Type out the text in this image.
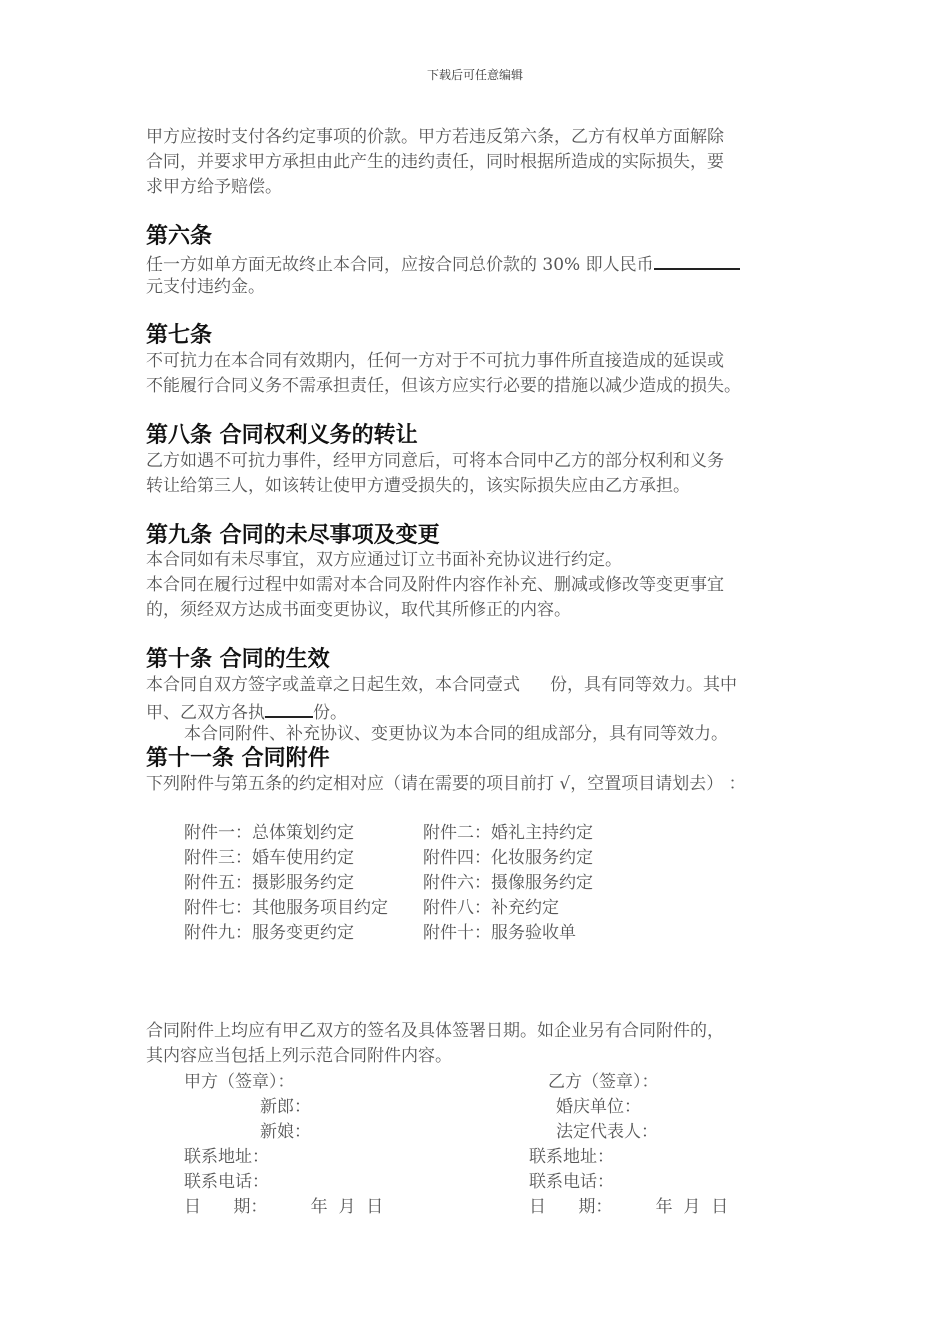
下载后可任意编辑
甲方应按时支付各约定事项的价款。甲方若违反第六条，乙方有权单方面解除
合同，并要求甲方承担由此产生的违约责任，同时根据所造成的实际损失，要
求甲方给予赔偿。
第六条
任一方如单方面无故终止本合同，应按合同总价款的 30% 即人民币
元支付违约金。
第七条
不可抗力在本合同有效期内，任何一方对于不可抗力事件所直接造成的延误或
不能履行合同义务不需承担责任，但该方应实行必要的措施以减少造成的损失。
第八条 合同权利义务的转让
乙方如遇不可抗力事件，经甲方同意后，可将本合同中乙方的部分权利和义务
转让给第三人，如该转让使甲方遭受损失的，该实际损失应由乙方承担。
第九条 合同的未尽事项及变更
本合同如有未尽事宜，双方应通过订立书面补充协议进行约定。
本合同在履行过程中如需对本合同及附件内容作补充、删减或修改等变更事宜
的，须经双方达成书面变更协议，取代其所修正的内容。
第十条 合同的生效
本合同自双方签字或盖章之日起生效，本合同壹式 份，具有同等效力。其中
甲、乙双方各执	份。
本合同附件、补充协议、变更协议为本合同的组成部分，具有同等效力。
第十一条 合同附件
下列附件与第五条的约定相对应（请在需要的项目前打 √，空置项目请划去） ：
附件一：总体策划约定	附件二：婚礼主持约定
附件三：婚车使用约定	附件四：化妆服务约定
附件五：摄影服务约定	附件六：摄像服务约定
附件七：其他服务项目约定 附件八：补充约定
附件九：服务变更约定	附件十：服务验收单
合同附件上均应有甲乙双方的签名及具体签署日期。如企业另有合同附件的，
其内容应当包括上列示范合同附件内容。
甲方（签章）：	乙方（签章）：
新郎：	婚庆单位：
新娘：	法定代表人：
联系地址：	联系地址：
联系电话：	联系电话：
日      期：        年  月  日	日      期：        年  月  日
